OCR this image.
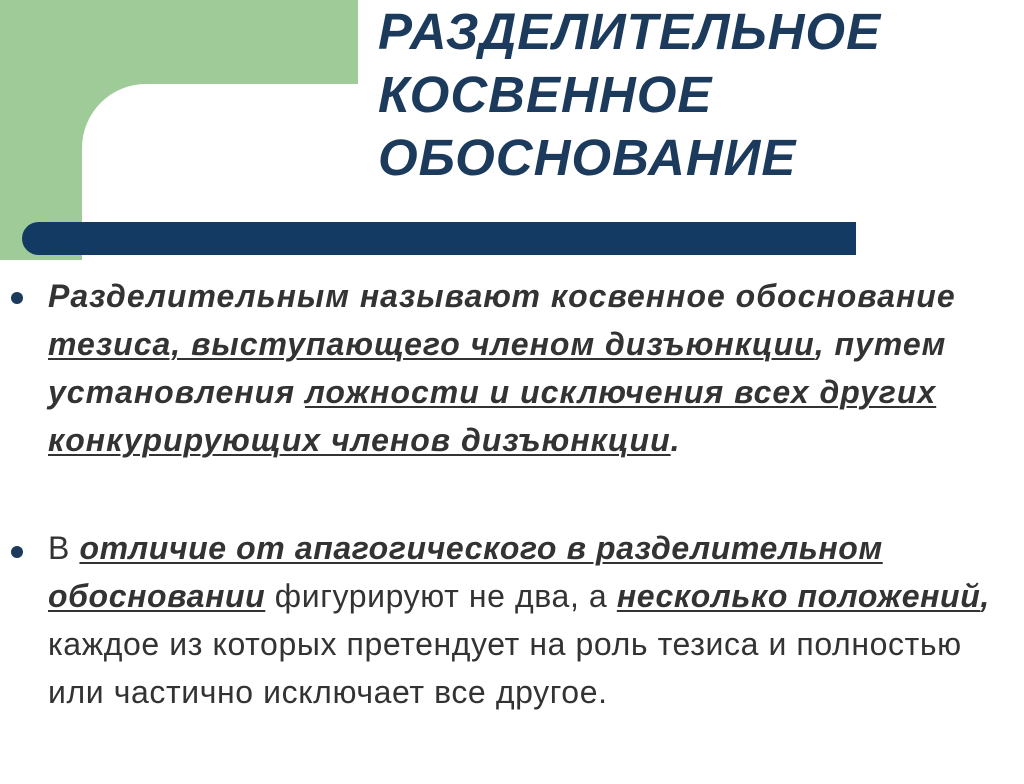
РАЗДЕЛИТЕЛЬНОЕ
КОСВЕННОЕ
ОБОСНОВАНИЕ

Разделительным называют косвенное обоснование тезиса, выступающего членом дизъюнкции, путем установления ложности и исключения всех других конкурирующих членов дизъюнкции.

В отличие от апагогического в разделительном обосновании фигурируют не два, а несколько положений, каждое из которых претендует на роль тезиса и полностью или частично исключает все другое.
